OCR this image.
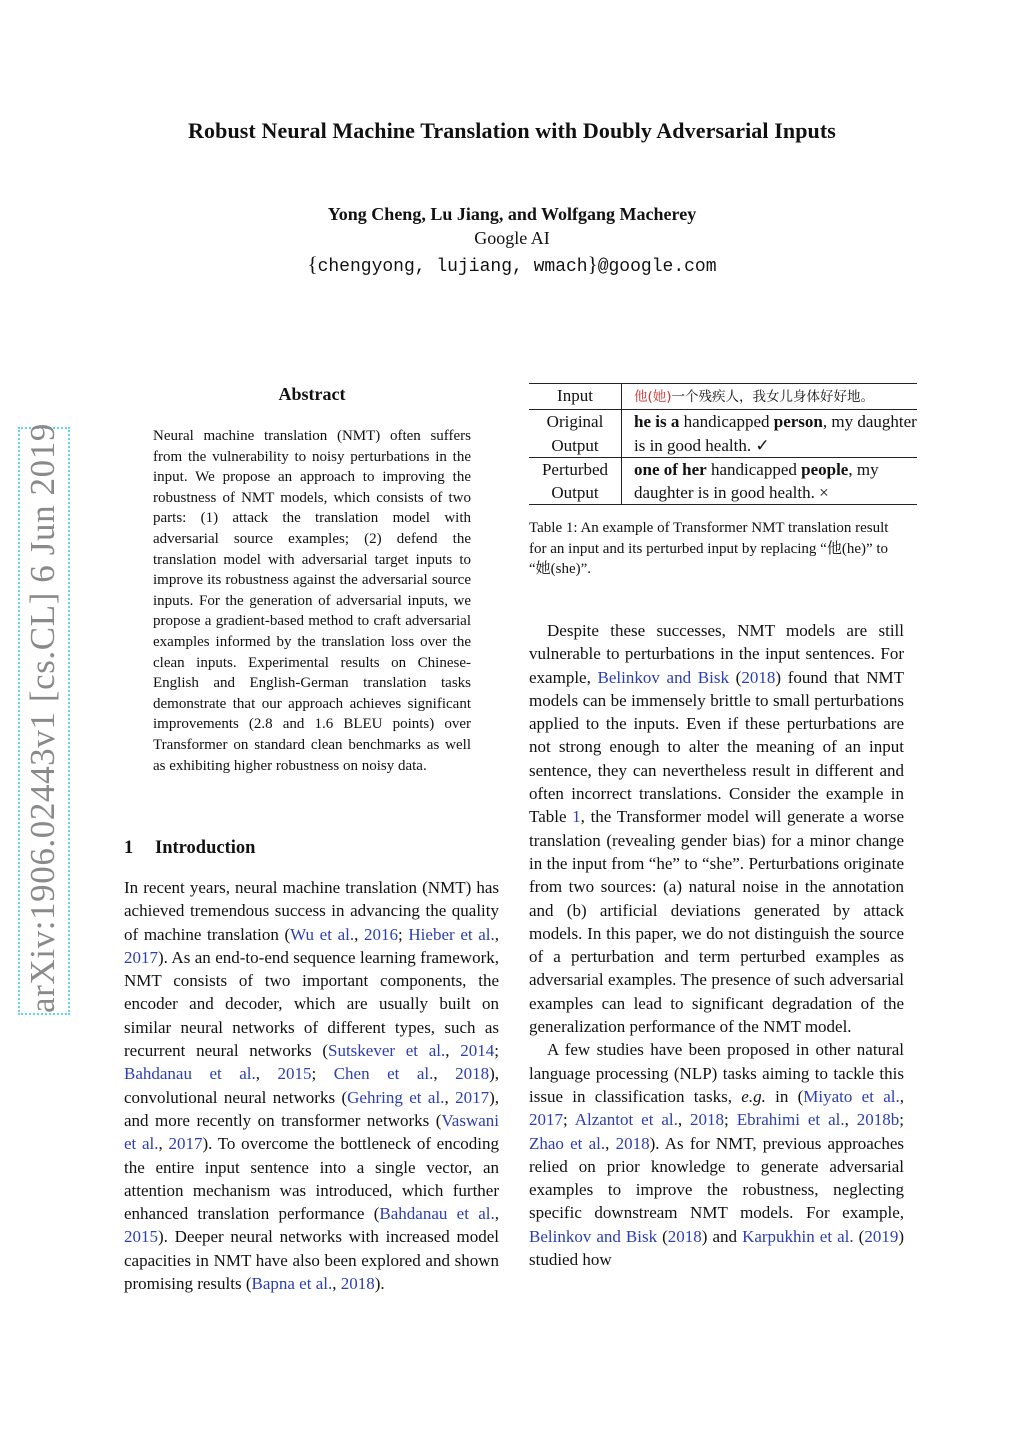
Robust Neural Machine Translation with Doubly Adversarial Inputs
Yong Cheng, Lu Jiang, and Wolfgang Macherey
Google AI
{chengyong, lujiang, wmach}@google.com
arXiv:1906.02443v1 [cs.CL] 6 Jun 2019
Abstract
Neural machine translation (NMT) often suffers from the vulnerability to noisy perturbations in the input. We propose an approach to improving the robustness of NMT models, which consists of two parts: (1) attack the translation model with adversarial source examples; (2) defend the translation model with adversarial target inputs to improve its robustness against the adversarial source inputs. For the generation of adversarial inputs, we propose a gradient-based method to craft adversarial examples informed by the translation loss over the clean inputs. Experimental results on Chinese-English and English-German translation tasks demonstrate that our approach achieves significant improvements (2.8 and 1.6 BLEU points) over Transformer on standard clean benchmarks as well as exhibiting higher robustness on noisy data.
1 Introduction

In recent years, neural machine translation (NMT) has achieved tremendous success in advancing the quality of machine translation (Wu et al., 2016; Hieber et al., 2017). As an end-to-end sequence learning framework, NMT consists of two important components, the encoder and decoder, which are usually built on similar neural networks of different types, such as recurrent neural networks (Sutskever et al., 2014; Bahdanau et al., 2015; Chen et al., 2018), convolutional neural networks (Gehring et al., 2017), and more recently on transformer networks (Vaswani et al., 2017). To overcome the bottleneck of encoding the entire input sentence into a single vector, an attention mechanism was introduced, which further enhanced translation performance (Bahdanau et al., 2015). Deeper neural networks with increased model capacities in NMT have also been explored and shown promising results (Bapna et al., 2018).

Input	他(她)一个残疾人，我女儿身体好好地。
Original Output	he is a handicapped person, my daughter is in good health. ✓
Perturbed Output	one of her handicapped people, my daughter is in good health. ×
Table 1: An example of Transformer NMT translation result for an input and its perturbed input by replacing “他(he)” to “她(she)”.

Despite these successes, NMT models are still vulnerable to perturbations in the input sentences. For example, Belinkov and Bisk (2018) found that NMT models can be immensely brittle to small perturbations applied to the inputs. Even if these perturbations are not strong enough to alter the meaning of an input sentence, they can nevertheless result in different and often incorrect translations. Consider the example in Table 1, the Transformer model will generate a worse translation (revealing gender bias) for a minor change in the input from “he” to “she”. Perturbations originate from two sources: (a) natural noise in the annotation and (b) artificial deviations generated by attack models. In this paper, we do not distinguish the source of a perturbation and term perturbed examples as adversarial examples. The presence of such adversarial examples can lead to significant degradation of the generalization performance of the NMT model.

A few studies have been proposed in other natural language processing (NLP) tasks aiming to tackle this issue in classification tasks, e.g. in (Miyato et al., 2017; Alzantot et al., 2018; Ebrahimi et al., 2018b; Zhao et al., 2018). As for NMT, previous approaches relied on prior knowledge to generate adversarial examples to improve the robustness, neglecting specific downstream NMT models. For example, Belinkov and Bisk (2018) and Karpukhin et al. (2019) studied how
